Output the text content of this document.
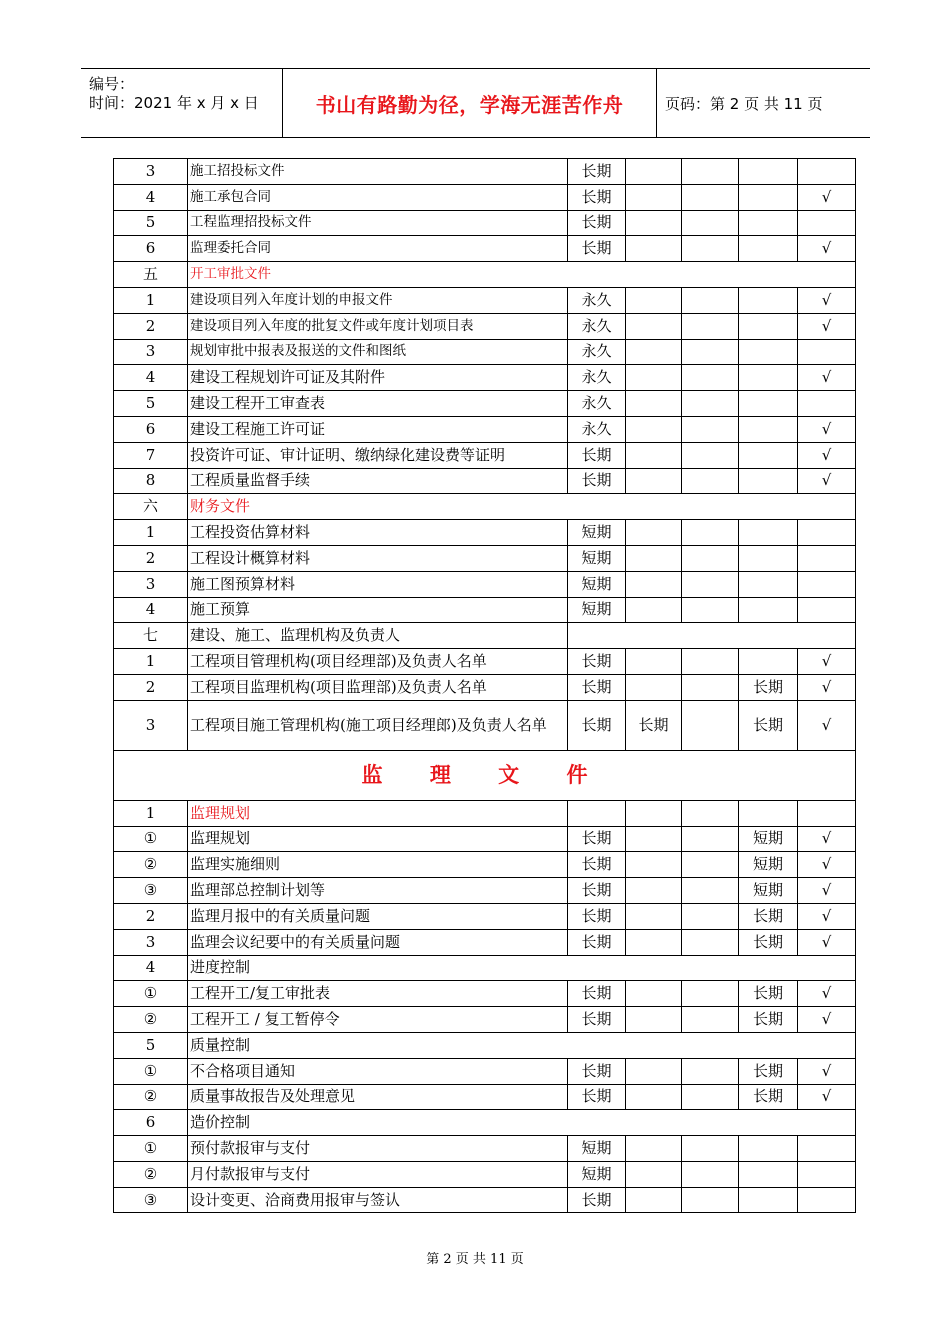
编号：
时间：2021 年 x 月 x 日	书山有路勤为径，学海无涯苦作舟	页码：第 2 页 共 11 页
3	施工招投标文件	长期				
4	施工承包合同	长期				√
5	工程监理招投标文件	长期				
6	监理委托合同	长期				√
五	开工审批文件					
1	建设项目列入年度计划的申报文件	永久				√
2	建设项目列入年度的批复文件或年度计划项目表	永久				√
3	规划审批中报表及报送的文件和图纸	永久				
4	建设工程规划许可证及其附件	永久				√
5	建设工程开工审查表	永久				
6	建设工程施工许可证	永久				√
7	投资许可证、审计证明、缴纳绿化建设费等证明	长期				√
8	工程质量监督手续	长期				√
六	财务文件					
1	工程投资估算材料	短期				
2	工程设计概算材料	短期				
3	施工图预算材料	短期				
4	施工预算	短期				
七	建设、施工、监理机构及负责人					
1	工程项目管理机构(项目经理部)及负责人名单	长期				√
2	工程项目监理机构(项目监理部)及负责人名单	长期			长期	√
3	工程项目施工管理机构(施工项目经理郎)及负责人名单	长期	长期		长期	√
监 理 文 件						
1	监理规划					
①	监理规划	长期			短期	√
②	监理实施细则	长期			短期	√
③	监理部总控制计划等	长期			短期	√
2	监理月报中的有关质量问题	长期			长期	√
3	监理会议纪要中的有关质量问题	长期			长期	√
4	进度控制					
①	工程开工/复工审批表	长期			长期	√
②	工程开工 / 复工暂停令	长期			长期	√
5	质量控制					
①	不合格项目通知	长期			长期	√
②	质量事故报告及处理意见	长期			长期	√
6	造价控制					
①	预付款报审与支付	短期				
②	月付款报审与支付	短期				
③	设计变更、洽商费用报审与签认	长期				
第 2 页 共 11 页
